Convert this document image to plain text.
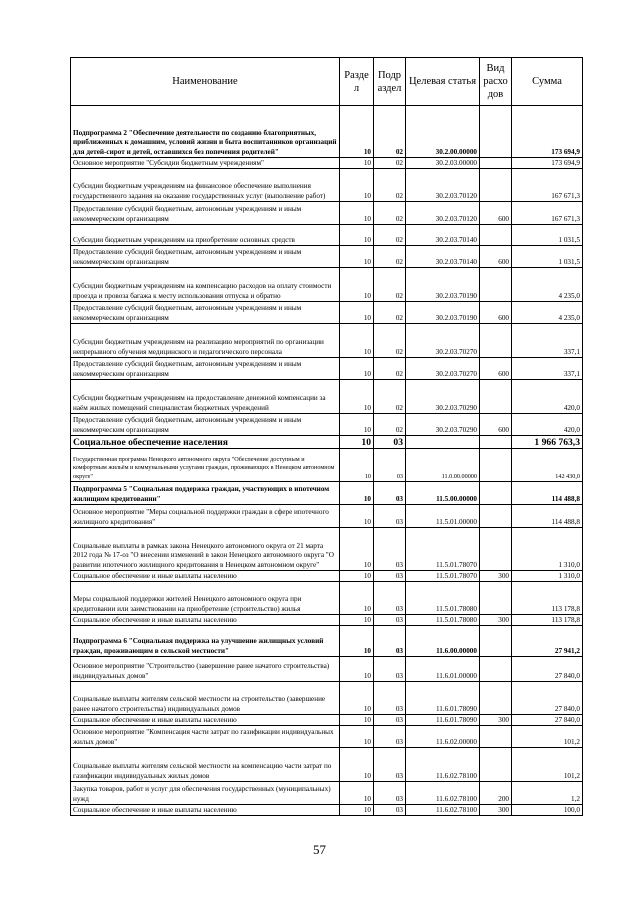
Наименование	Разде л	Подр аздел	Целевая статья	Вид расхо дов	Сумма
Подпрограмма 2 "Обеспечение деятельности по созданию благоприятных, приближенных к домашним, условий жизни и быта воспитанников организаций для детей-сирот и детей, оставшихся без попечения родителей"	10	02	30.2.00.00000		173 694,9
Основное мероприятие "Субсидии бюджетным учреждениям"	10	02	30.2.03.00000		173 694,9
Субсидии бюджетным учреждениям на финансовое обеспечение выполнения государственного задания на оказание государственных услуг (выполнение работ)	10	02	30.2.03.70120		167 671,3
Предоставление субсидий бюджетным, автономным учреждениям и иным некоммерческим организациям	10	02	30.2.03.70120	600	167 671,3
Субсидии бюджетным учреждениям на приобретение основных средств	10	02	30.2.03.70140		1 031,5
Предоставление субсидий бюджетным, автономным учреждениям и иным некоммерческим организациям	10	02	30.2.03.70140	600	1 031,5
Субсидии бюджетным учреждениям на компенсацию расходов на оплату стоимости проезда и провоза багажа к месту использования отпуска и обратно	10	02	30.2.03.70190		4 235,0
Предоставление субсидий бюджетным, автономным учреждениям и иным некоммерческим организациям	10	02	30.2.03.70190	600	4 235,0
Субсидии бюджетным учреждениям на реализацию мероприятий по организации непрерывного обучения медицинского и педагогического персонала	10	02	30.2.03.70270		337,1
Предоставление субсидий бюджетным, автономным учреждениям и иным некоммерческим организациям	10	02	30.2.03.70270	600	337,1
Субсидии бюджетным учреждениям на предоставление денежной компенсации за наём жилых помещений специалистам бюджетных учреждений	10	02	30.2.03.70290		420,0
Предоставление субсидий бюджетным, автономным учреждениям и иным некоммерческим организациям	10	02	30.2.03.70290	600	420,0
Социальное обеспечение населения	10	03			1 966 763,3
Государственная программа Ненецкого автономного округа "Обеспечение доступным и комфортным жильём и коммунальными услугами граждан, проживающих в Ненецком автономном округе"	10	03	11.0.00.00000		142 430,0
Подпрограмма 5 "Социальная поддержка граждан, участвующих в ипотечном жилищном кредитовании"	10	03	11.5.00.00000		114 488,8
Основное мероприятие "Меры социальной поддержки граждан в сфере ипотечного жилищного кредитования"	10	03	11.5.01.00000		114 488,8
Социальные выплаты в рамках закона Ненецкого автономного округа от 21 марта 2012 года № 17-оз "О внесении изменений в закон Ненецкого автономного округа "О развитии ипотечного жилищного кредитования в Ненецком автономном округе"	10	03	11.5.01.78070		1 310,0
Социальное обеспечение и иные выплаты населению	10	03	11.5.01.78070	300	1 310,0
Меры социальной поддержки жителей Ненецкого автономного округа при кредитовании или заимствовании на приобретение (строительство) жилья	10	03	11.5.01.78080		113 178,8
Социальное обеспечение и иные выплаты населению	10	03	11.5.01.78080	300	113 178,8
Подпрограмма 6 "Социальная поддержка на улучшение жилищных условий граждан, проживающим в сельской местности"	10	03	11.6.00.00000		27 941,2
Основное мероприятие "Строительство (завершение ранее начатого строительства) индивидуальных домов"	10	03	11.6.01.00000		27 840,0
Социальные выплаты жителям сельской местности на строительство (завершение ранее начатого строительства) индивидуальных домов	10	03	11.6.01.78090		27 840,0
Социальное обеспечение и иные выплаты населению	10	03	11.6.01.78090	300	27 840,0
Основное мероприятие "Компенсация части затрат по газификации индивидуальных жилых домов"	10	03	11.6.02.00000		101,2
Социальные выплаты жителям сельской местности на компенсацию части затрат по газификации индивидуальных жилых домов	10	03	11.6.02.78100		101,2
Закупка товаров, работ и услуг для обеспечения государственных (муниципальных) нужд	10	03	11.6.02.78100	200	1,2
Социальное обеспечение и иные выплаты населению	10	03	11.6.02.78100	300	100,0
57
